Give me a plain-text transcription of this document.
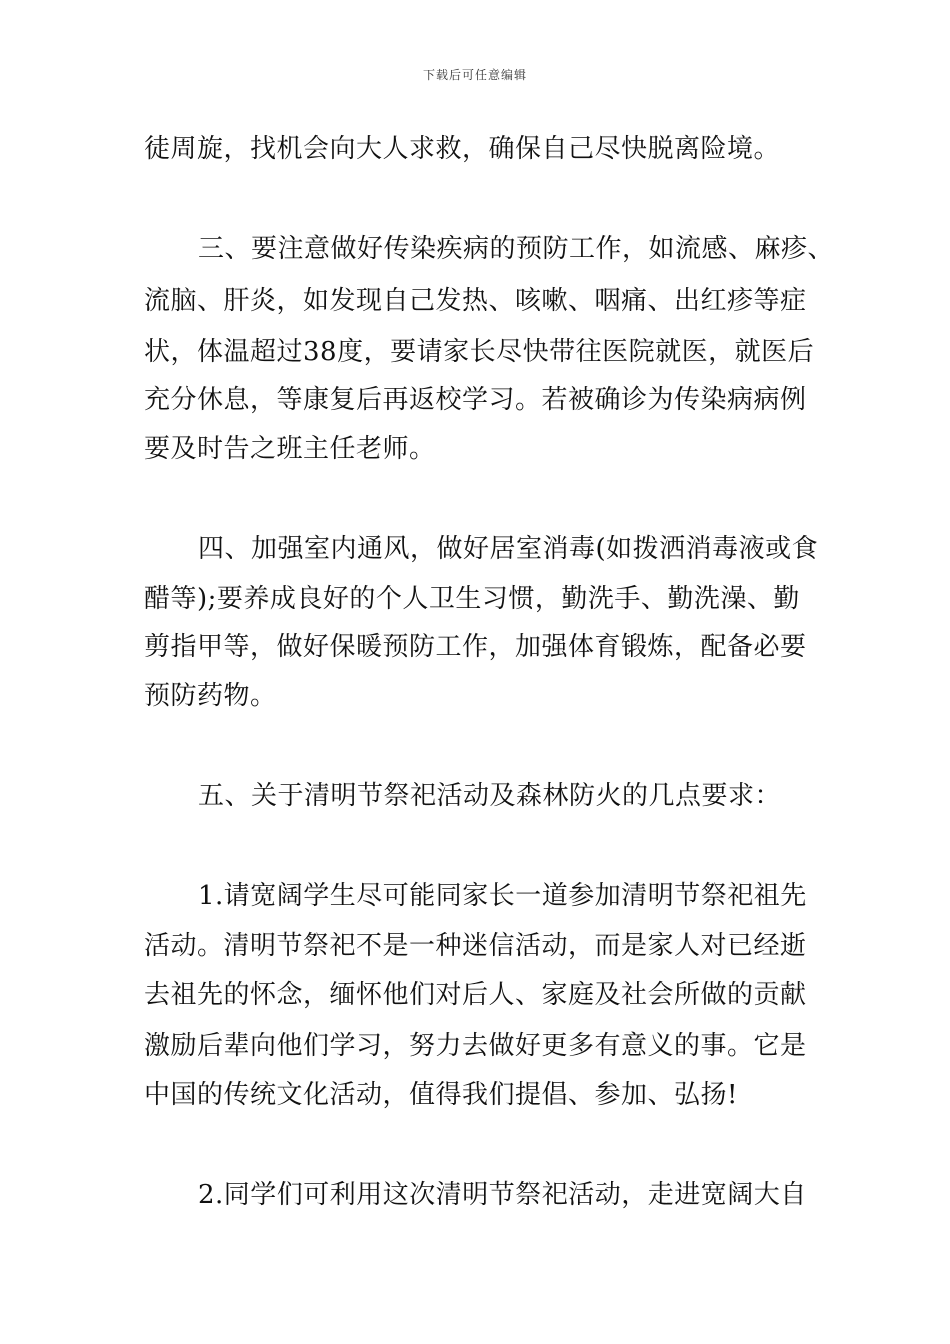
下载后可任意编辑
徒周旋，找机会向大人求救，确保自己尽快脱离险境。
三、要注意做好传染疾病的预防工作，如流感、麻疹、
流脑、肝炎，如发现自己发热、咳嗽、咽痛、出红疹等症
状，体温超过38度，要请家长尽快带往医院就医，就医后
充分休息，等康复后再返校学习。若被确诊为传染病病例
要及时告之班主任老师。
四、加强室内通风，做好居室消毒(如拨洒消毒液或食
醋等);要养成良好的个人卫生习惯，勤洗手、勤洗澡、勤
剪指甲等，做好保暖预防工作，加强体育锻炼，配备必要
预防药物。
五、关于清明节祭祀活动及森林防火的几点要求：
1.请宽阔学生尽可能同家长一道参加清明节祭祀祖先
活动。清明节祭祀不是一种迷信活动，而是家人对已经逝
去祖先的怀念，缅怀他们对后人、家庭及社会所做的贡献
激励后辈向他们学习，努力去做好更多有意义的事。它是
中国的传统文化活动，值得我们提倡、参加、弘扬!
2.同学们可利用这次清明节祭祀活动，走进宽阔大自
